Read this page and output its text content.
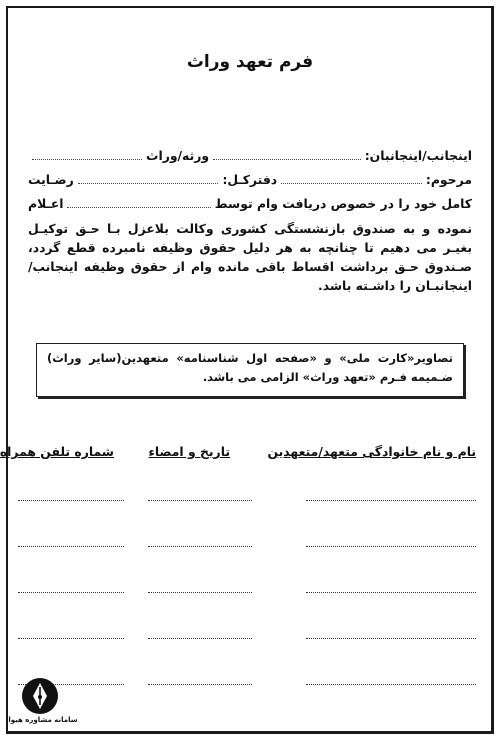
فرم تعهد وراث
اینجانب/اینجانبان:
ورثه/وراث
مرحوم:
دفترکـل:
رضـایت
کامل خود را در خصوص دریافت وام توسط
اعـلام
نموده و به صندوق بازنشستگی کشوری وکالت بلاعزل بـا حـق توکیـل بغیـر می دهیم تا چنانچه به هر دلیل حقوق وظیفه نامبرده قطع گردد، صـندوق حـق برداشت اقساط باقی مانده وام از حقوق وظیفه اینجانب/اینجانبـان را داشـته باشد.
تصاویر«کارت ملی» و «صفحه اول شناسنامه» متعهدین(سایر وراث) ضـمیمه فـرم «تعهد وراث» الزامی می باشد.
نام و نام خانوادگی متعهد/متعهدین
تاریخ و امضاء
شماره تلفن همراه
سامانه مشاوره هیوا
